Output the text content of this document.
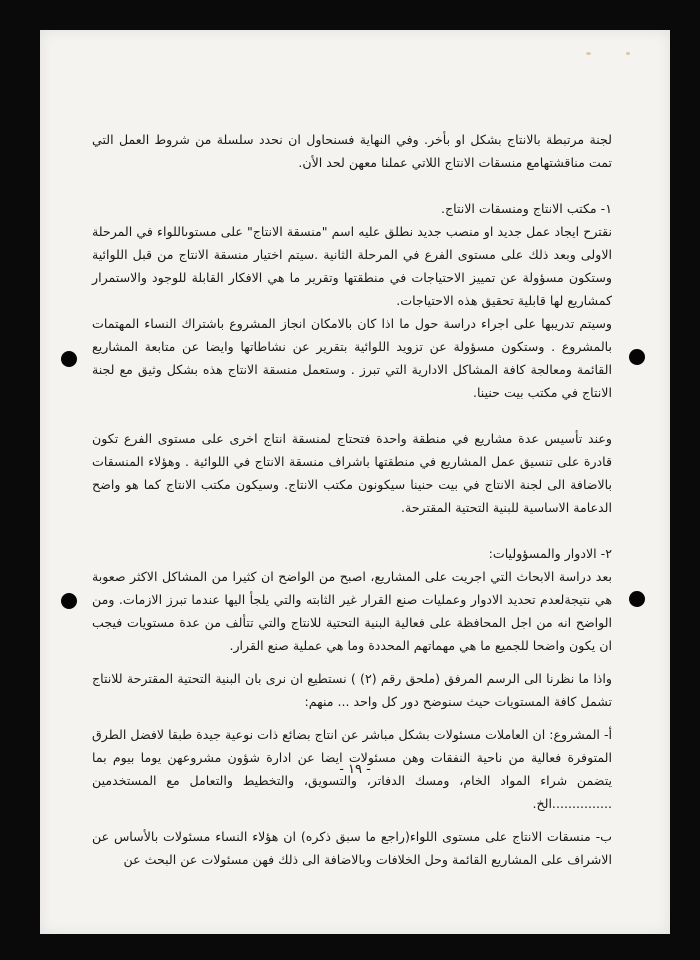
لجنة مرتبطة بالانتاج بشكل او بأخر. وفي النهاية فسنحاول ان نحدد سلسلة من شروط العمل التي تمت مناقشتهامع منسقات الانتاج اللاتي عملنا معهن لحد الأن.

١- مكتب الانتاج ومنسقات الانتاج.

نقترح ايجاد عمل جديد او منصب جديد نطلق عليه اسم "منسقة الانتاج" على مستوىاللواء في المرحلة الاولى وبعد ذلك على مستوى الفرع في المرحلة الثانية .سيتم اختيار منسقة الانتاج من قبل اللوائية وستكون مسؤولة عن تمييز الاحتياجات في منطقتها وتقرير ما هي الافكار القابلة للوجود والاستمرار كمشاريع لها قابلية تحقيق هذه الاحتياجات.

وسيتم تدريبها على اجراء دراسة حول ما اذا كان بالامكان انجاز المشروع باشتراك النساء المهتمات بالمشروع . وستكون مسؤولة عن تزويد اللوائية بتقرير عن نشاطاتها وايضا عن متابعة المشاريع القائمة ومعالجة كافة المشاكل الادارية التي تبرز . وستعمل منسقة الانتاج هذه بشكل وثيق مع لجنة الانتاج في مكتب بيت حنينا.

وعند تأسيس عدة مشاريع في منطقة واحدة فتحتاج لمنسقة انتاج اخرى على مستوى الفرع تكون قادرة على تنسيق عمل المشاريع في منطقتها باشراف منسقة الانتاج في اللوائية . وهؤلاء المنسقات بالاضافة الى لجنة الانتاج في بيت حنينا سيكونون مكتب الانتاج. وسيكون مكتب الانتاج كما هو واضح الدعامة الاساسية للبنية التحتية المقترحة.

٢- الادوار والمسؤوليات:

بعد دراسة الابحاث التي اجريت على المشاريع، اصبح من الواضح ان كثيرا من المشاكل الاكثر صعوبة هي نتيجةلعدم تحديد الادوار وعمليات صنع القرار غير الثابته والتي يلجأ اليها عندما تبرز الازمات. ومن الواضح انه من اجل المحافظة على فعالية البنية التحتية للانتاج والتي تتألف من عدة مستويات فيجب ان يكون واضحا للجميع ما هي مهماتهم المحددة وما هي عملية صنع القرار.

واذا ما نظرنا الى الرسم المرفق (ملحق رقم (٢) ) نستطيع ان نرى بان البنية التحتية المقترحة للانتاج تشمل كافة المستويات حيث سنوضح دور كل واحد ... منهم:

أ- المشروع: ان العاملات مسئولات بشكل مباشر عن انتاج بضائع ذات نوعية جيدة طبقا لافضل الطرق المتوفرة فعالية من ناحية النفقات وهن مسئولات ايضا عن ادارة شؤون مشروعهن يوما بيوم بما يتضمن شراء المواد الخام، ومسك الدفاتر، والتسويق، والتخطيط والتعامل مع المستخدمين ...............الخ.

ب- منسقات الانتاج على مستوى اللواء(راجع ما سبق ذكره) ان هؤلاء النساء مسئولات بالأساس عن الاشراف على المشاريع القائمة وحل الخلافات وبالاضافة الى ذلك فهن مسئولات عن البحث عن

- ١٩ -
